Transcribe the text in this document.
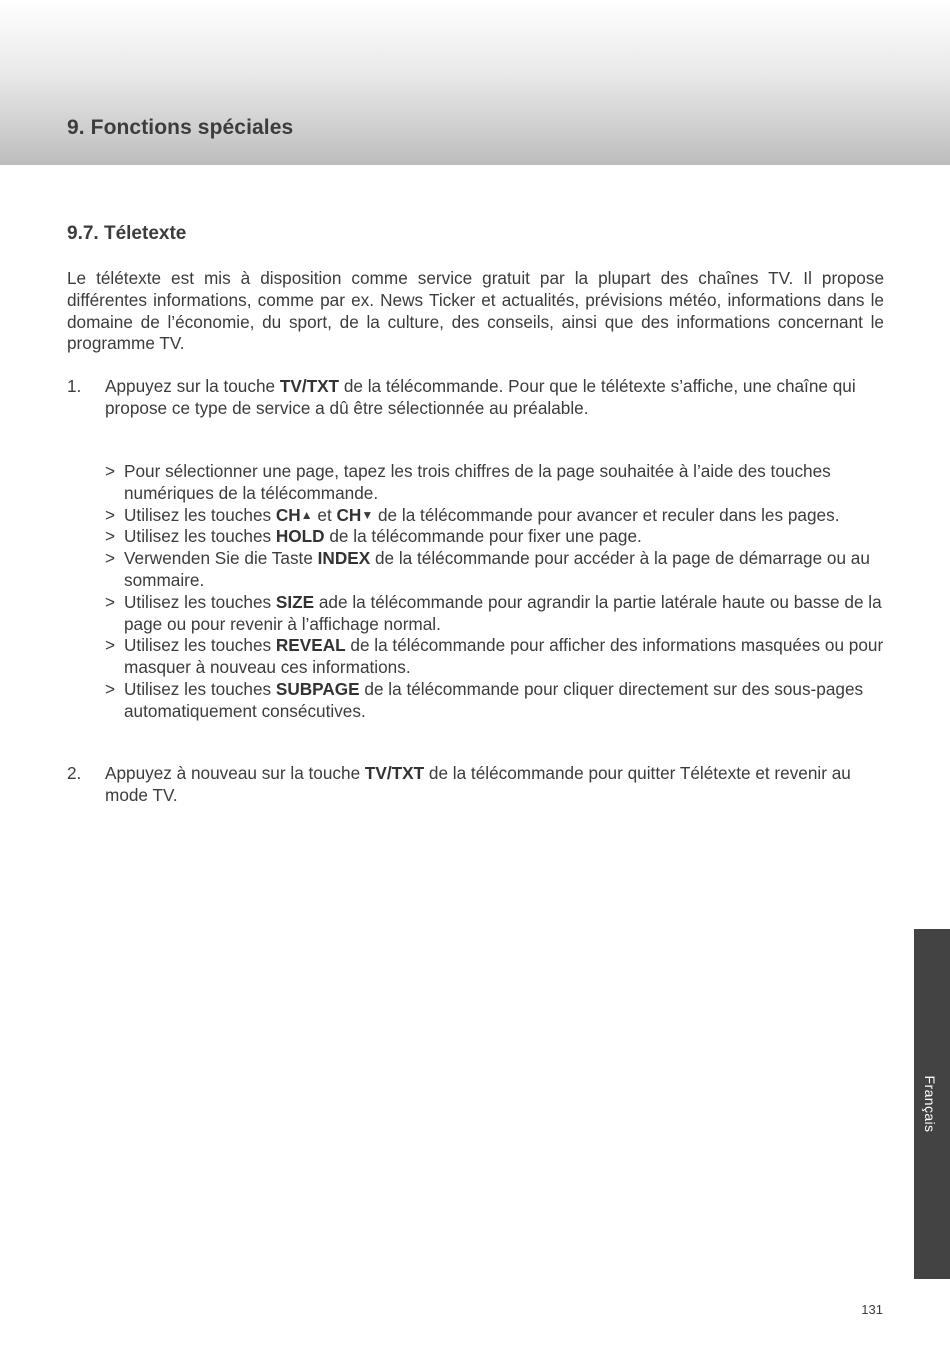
9. Fonctions spéciales
9.7. Téletexte

Le télétexte est mis à disposition comme service gratuit par la plupart des chaînes TV. Il propose différentes informations, comme par ex. News Ticker et actualités, prévisions météo, informations dans le domaine de l’économie, du sport, de la culture, des conseils, ainsi que des informations concernant le programme TV.

1. Appuyez sur la touche TV/TXT de la télécommande. Pour que le télétexte s’affiche, une chaîne qui propose ce type de service a dû être sélectionnée au préalable.
> Pour sélectionner une page, tapez les trois chiffres de la page souhaitée à l’aide des touches numériques de la télécommande.
> Utilisez les touches CH▲ et CH▼ de la télécommande pour avancer et reculer dans les pages.
> Utilisez les touches HOLD de la télécommande pour fixer une page.
> Verwenden Sie die Taste INDEX de la télécommande pour accéder à la page de démarrage ou au sommaire.
> Utilisez les touches SIZE ade la télécommande pour agrandir la partie latérale haute ou basse de la page ou pour revenir à l’affichage normal.
> Utilisez les touches REVEAL de la télécommande pour afficher des informations masquées ou pour masquer à nouveau ces informations.
> Utilisez les touches SUBPAGE de la télécommande pour cliquer directement sur des sous-pages automatiquement consécutives.
2. Appuyez à nouveau sur la touche TV/TXT de la télécommande pour quitter Télétexte et revenir au mode TV.
Français
131
